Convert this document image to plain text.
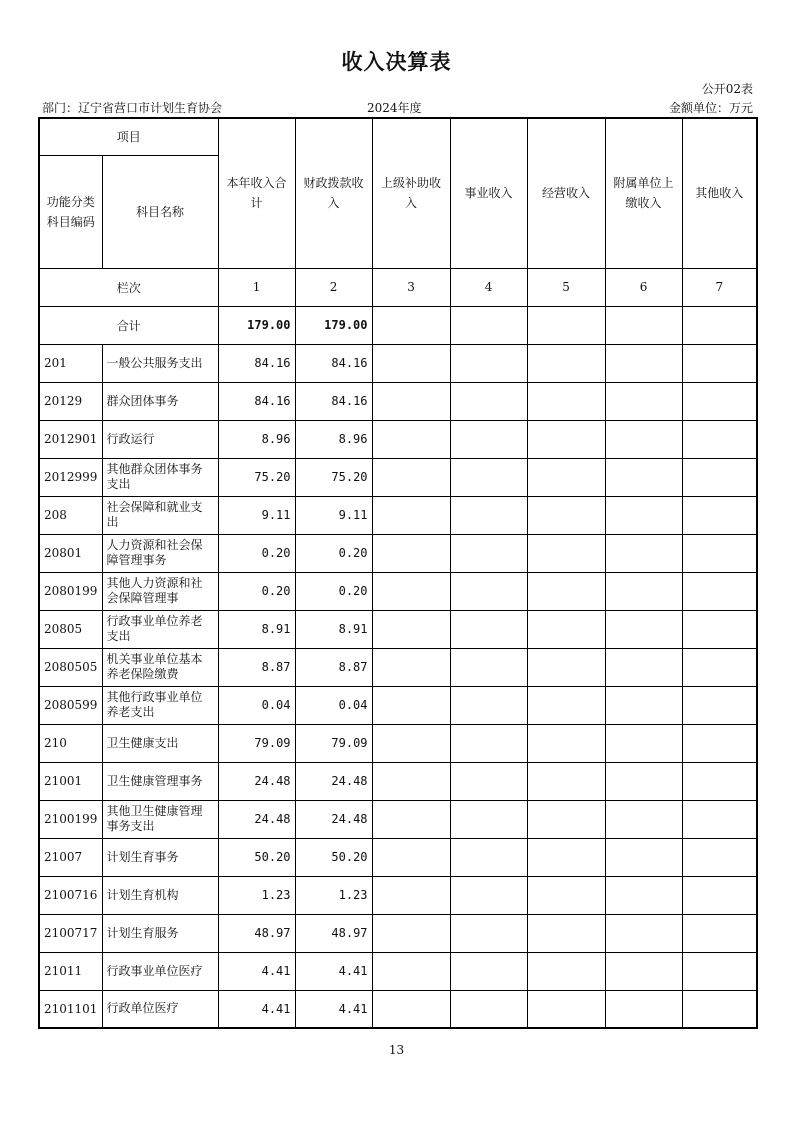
收入决算表
公开02表
部门：辽宁省营口市计划生育协会	2024年度	金额单位：万元
项目		本年收入合计	财政拨款收入	上级补助收入	事业收入	经营收入	附属单位上缴收入	其他收入
功能分类科目编码	科目名称							
栏次		1	2	3	4	5	6	7
合计		179.00	179.00					
201	一般公共服务支出	84.16	84.16					
20129	群众团体事务	84.16	84.16					
2012901	行政运行	8.96	8.96					
2012999	其他群众团体事务支出	75.20	75.20					
208	社会保障和就业支出	9.11	9.11					
20801	人力资源和社会保障管理事务	0.20	0.20					
2080199	其他人力资源和社会保障管理事	0.20	0.20					
20805	行政事业单位养老支出	8.91	8.91					
2080505	机关事业单位基本养老保险缴费	8.87	8.87					
2080599	其他行政事业单位养老支出	0.04	0.04					
210	卫生健康支出	79.09	79.09					
21001	卫生健康管理事务	24.48	24.48					
2100199	其他卫生健康管理事务支出	24.48	24.48					
21007	计划生育事务	50.20	50.20					
2100716	计划生育机构	1.23	1.23					
2100717	计划生育服务	48.97	48.97					
21011	行政事业单位医疗	4.41	4.41					
2101101	行政单位医疗	4.41	4.41					
13
